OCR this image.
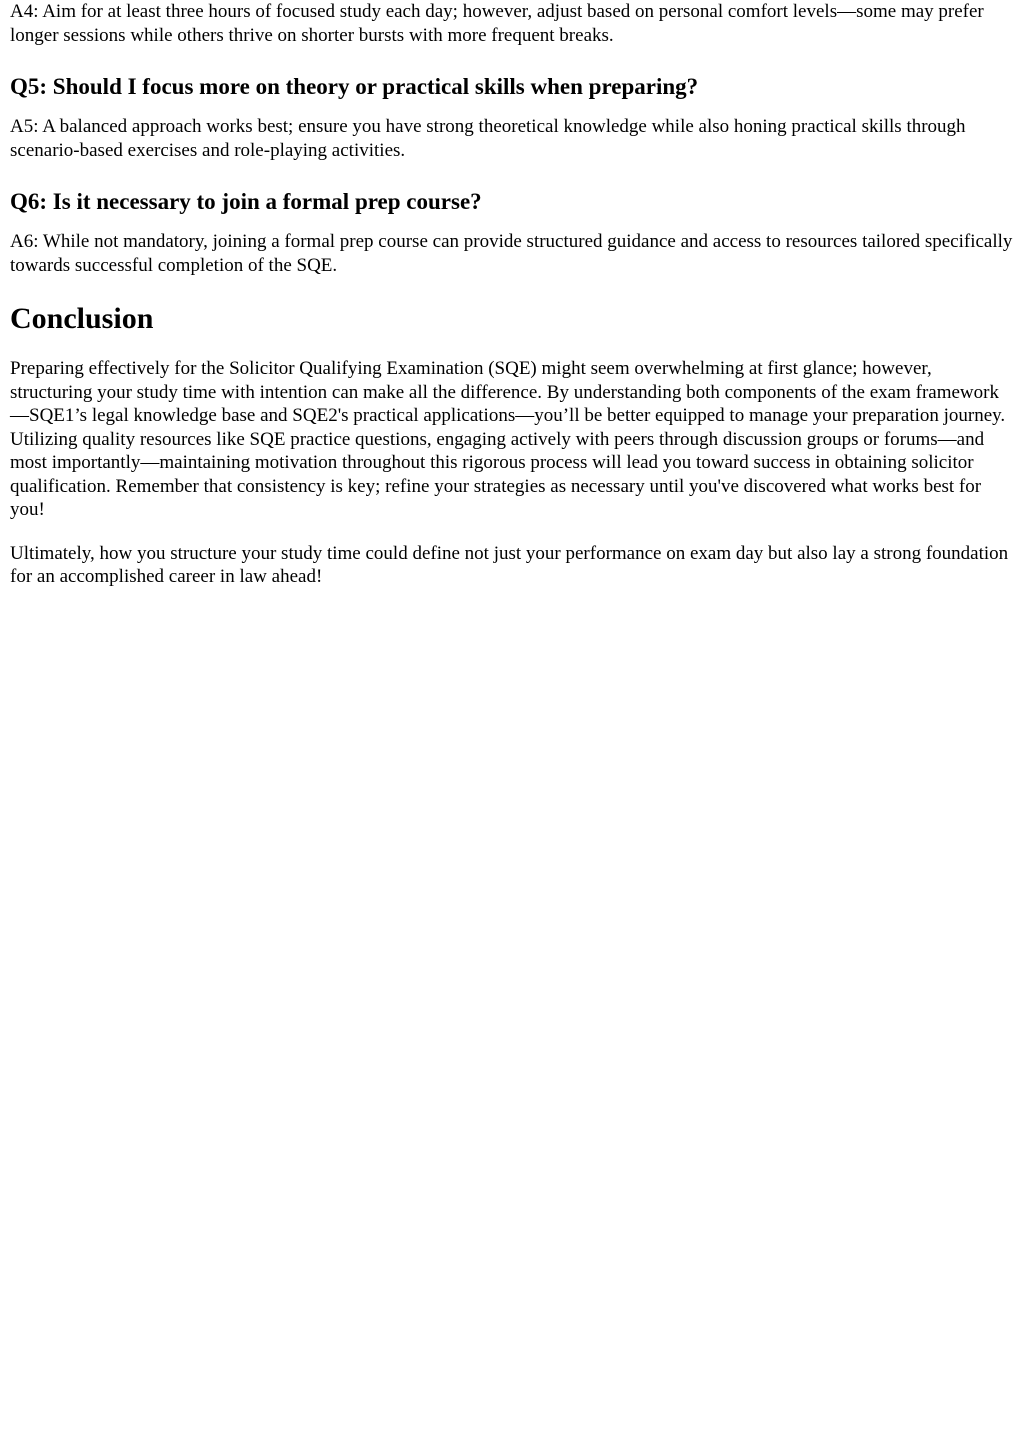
A4: Aim for at least three hours of focused study each day; however, adjust based on personal comfort levels—some may prefer longer sessions while others thrive on shorter bursts with more frequent breaks.

Q5: Should I focus more on theory or practical skills when preparing?

A5: A balanced approach works best; ensure you have strong theoretical knowledge while also honing practical skills through scenario-based exercises and role-playing activities.

Q6: Is it necessary to join a formal prep course?

A6: While not mandatory, joining a formal prep course can provide structured guidance and access to resources tailored specifically towards successful completion of the SQE.

Conclusion

Preparing effectively for the Solicitor Qualifying Examination (SQE) might seem overwhelming at first glance; however, structuring your study time with intention can make all the difference. By understanding both components of the exam framework—SQE1’s legal knowledge base and SQE2's practical applications—you’ll be better equipped to manage your preparation journey. Utilizing quality resources like SQE practice questions, engaging actively with peers through discussion groups or forums—and most importantly—maintaining motivation throughout this rigorous process will lead you toward success in obtaining solicitor qualification. Remember that consistency is key; refine your strategies as necessary until you've discovered what works best for you!

Ultimately, how you structure your study time could define not just your performance on exam day but also lay a strong foundation for an accomplished career in law ahead!
